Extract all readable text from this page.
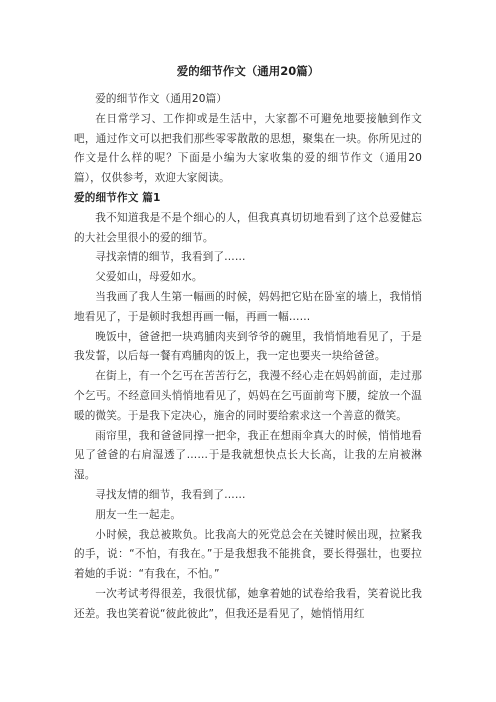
爱的细节作文（通用20篇）

爱的细节作文（通用20篇）

在日常学习、工作抑或是生活中，大家都不可避免地要接触到作文吧，通过作文可以把我们那些零零散散的思想，聚集在一块。你所见过的作文是什么样的呢？下面是小编为大家收集的爱的细节作文（通用20篇），仅供参考，欢迎大家阅读。

爱的细节作文 篇1

我不知道我是不是个细心的人，但我真真切切地看到了这个总爱健忘的大社会里很小的爱的细节。

寻找亲情的细节，我看到了……

父爱如山，母爱如水。

当我画了我人生第一幅画的时候，妈妈把它贴在卧室的墙上，我悄悄地看见了，于是顿时我想再画一幅，再画一幅……

晚饭中，爸爸把一块鸡脯肉夹到爷爷的碗里，我悄悄地看见了，于是我发誓，以后每一餐有鸡脯肉的饭上，我一定也要夹一块给爸爸。

在街上，有一个乞丐在苦苦行乞，我漫不经心走在妈妈前面，走过那个乞丐。不经意回头悄悄地看见了，妈妈在乞丐面前弯下腰，绽放一个温暖的微笑。于是我下定决心，施舍的同时要给索求这一个善意的微笑。

雨帘里，我和爸爸同撑一把伞，我正在想雨伞真大的时候，悄悄地看见了爸爸的右肩湿透了……于是我就想快点长大长高，让我的左肩被淋湿。

寻找友情的细节，我看到了……

朋友一生一起走。

小时候，我总被欺负。比我高大的死党总会在关键时候出现，拉紧我的手，说：“不怕，有我在。”于是我想我不能挑食，要长得强壮，也要拉着她的手说：“有我在，不怕。”

一次考试考得很差，我很忧郁，她拿着她的试卷给我看，笑着说比我还差。我也笑着说“彼此彼此”，但我还是看见了，她悄悄用红
